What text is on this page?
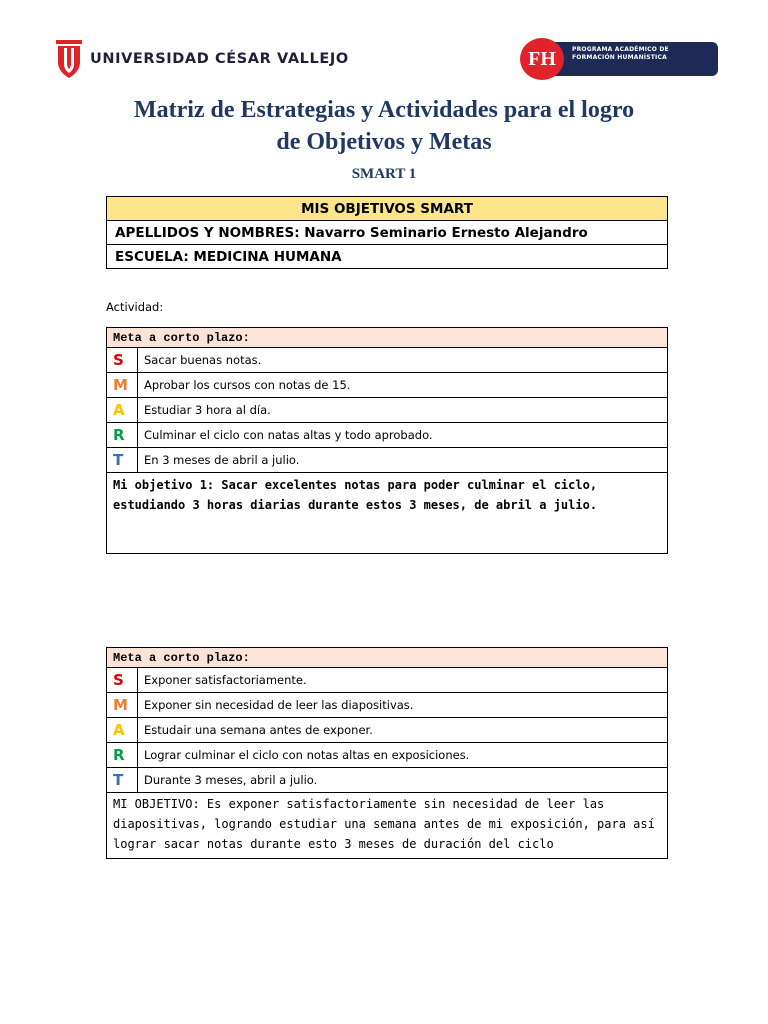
UNIVERSIDAD CÉSAR VALLEJO	FH	PROGRAMA ACADÉMICO DE
FORMACIÓN HUMANÍSTICA
Matriz de Estrategias y Actividades para el logro
de Objetivos y Metas
SMART 1
MIS OBJETIVOS SMART
APELLIDOS Y NOMBRES: Navarro Seminario Ernesto Alejandro
ESCUELA: MEDICINA HUMANA
Actividad:
Meta a corto plazo:	
S	Sacar buenas notas.
M	Aprobar los cursos con notas de 15.
A	Estudiar 3 hora al día.
R	Culminar el ciclo con natas altas y todo aprobado.
T	En 3 meses de abril a julio.
Mi objetivo 1: Sacar excelentes notas para poder culminar el ciclo, estudiando 3 horas diarias durante estos 3 meses, de abril a julio.	
Meta a corto plazo:	
S	Exponer satisfactoriamente.
M	Exponer sin necesidad de leer las diapositivas.
A	Estudair una semana antes de exponer.
R	Lograr culminar el ciclo con notas altas en exposiciones.
T	Durante 3 meses, abril a julio.
MI OBJETIVO: Es exponer satisfactoriamente sin necesidad de leer las diapositivas, logrando estudiar una semana antes de mi exposición, para así lograr sacar notas durante esto 3 meses de duración del ciclo	
